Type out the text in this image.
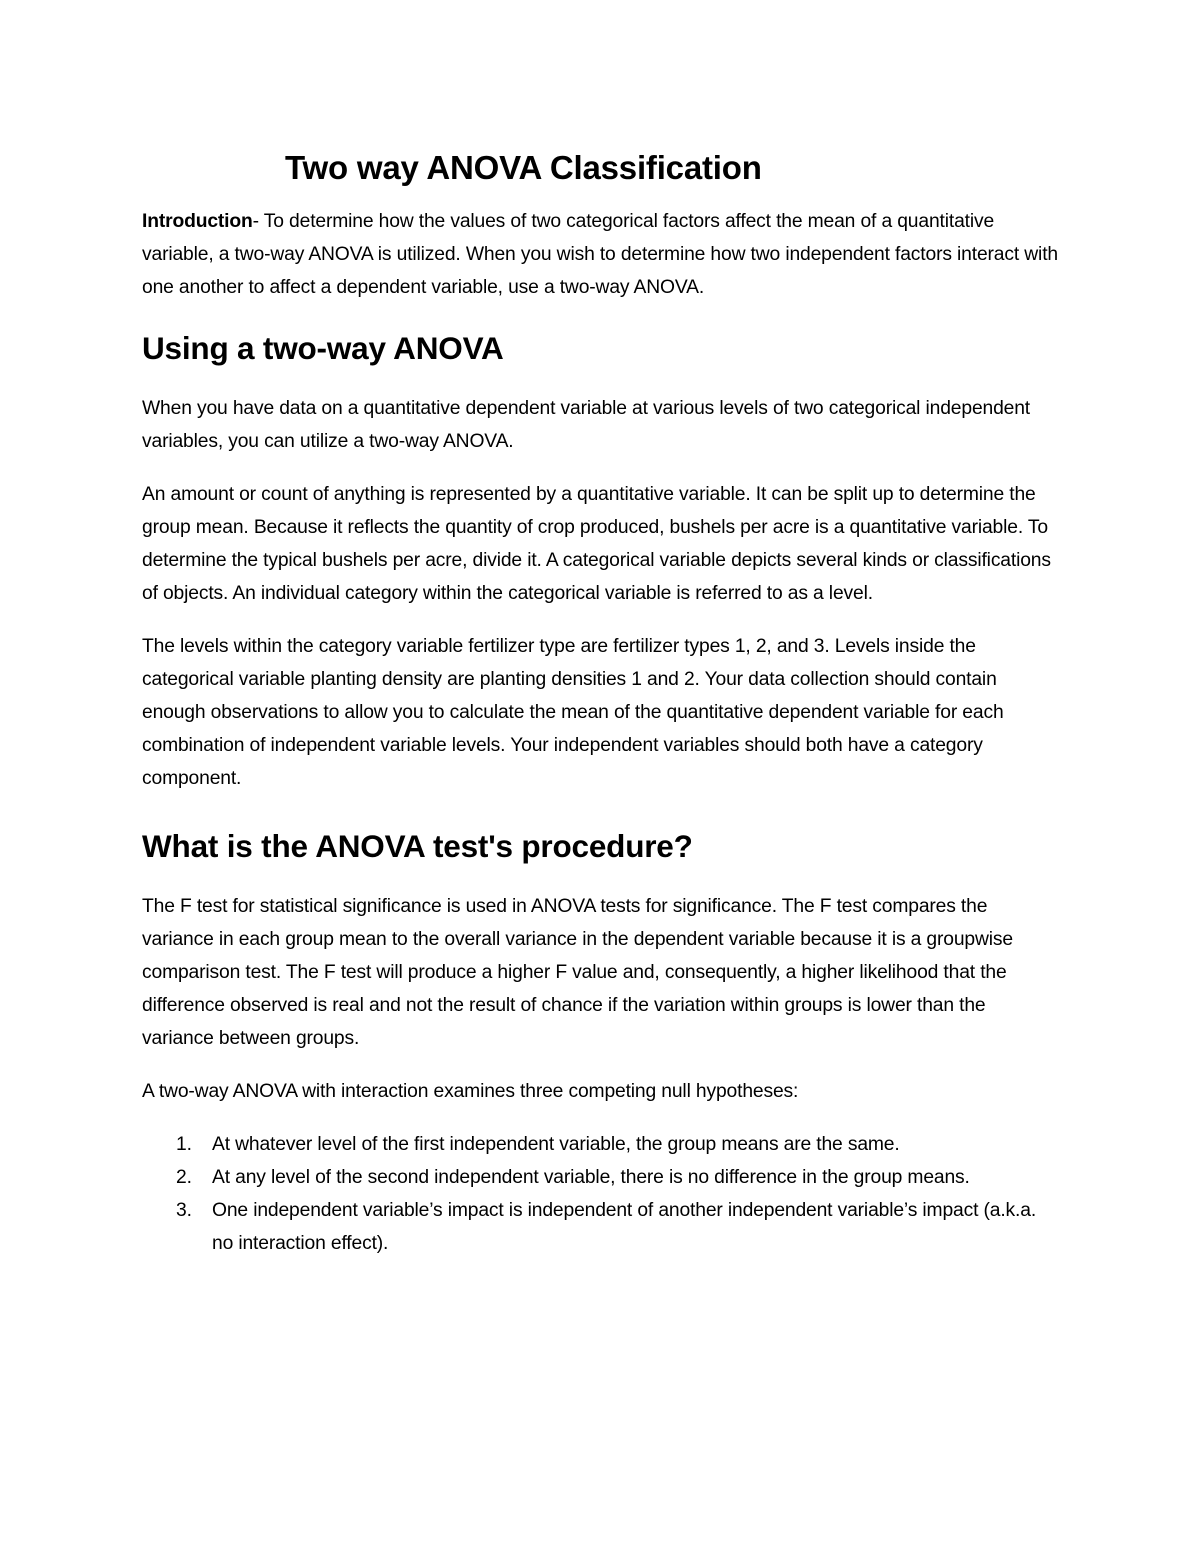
Two way ANOVA Classification

Introduction- To determine how the values of two categorical factors affect the mean of a quantitative variable, a two-way ANOVA is utilized. When you wish to determine how two independent factors interact with one another to affect a dependent variable, use a two-way ANOVA.

Using a two-way ANOVA

When you have data on a quantitative dependent variable at various levels of two categorical independent variables, you can utilize a two-way ANOVA.

An amount or count of anything is represented by a quantitative variable. It can be split up to determine the group mean. Because it reflects the quantity of crop produced, bushels per acre is a quantitative variable. To determine the typical bushels per acre, divide it. A categorical variable depicts several kinds or classifications of objects. An individual category within the categorical variable is referred to as a level.

The levels within the category variable fertilizer type are fertilizer types 1, 2, and 3. Levels inside the categorical variable planting density are planting densities 1 and 2. Your data collection should contain enough observations to allow you to calculate the mean of the quantitative dependent variable for each combination of independent variable levels. Your independent variables should both have a category component.

What is the ANOVA test's procedure?

The F test for statistical significance is used in ANOVA tests for significance. The F test compares the variance in each group mean to the overall variance in the dependent variable because it is a groupwise comparison test. The F test will produce a higher F value and, consequently, a higher likelihood that the difference observed is real and not the result of chance if the variation within groups is lower than the variance between groups.

A two-way ANOVA with interaction examines three competing null hypotheses:

1. At whatever level of the first independent variable, the group means are the same.
2. At any level of the second independent variable, there is no difference in the group means.
3. One independent variable’s impact is independent of another independent variable’s impact (a.k.a. no interaction effect).
